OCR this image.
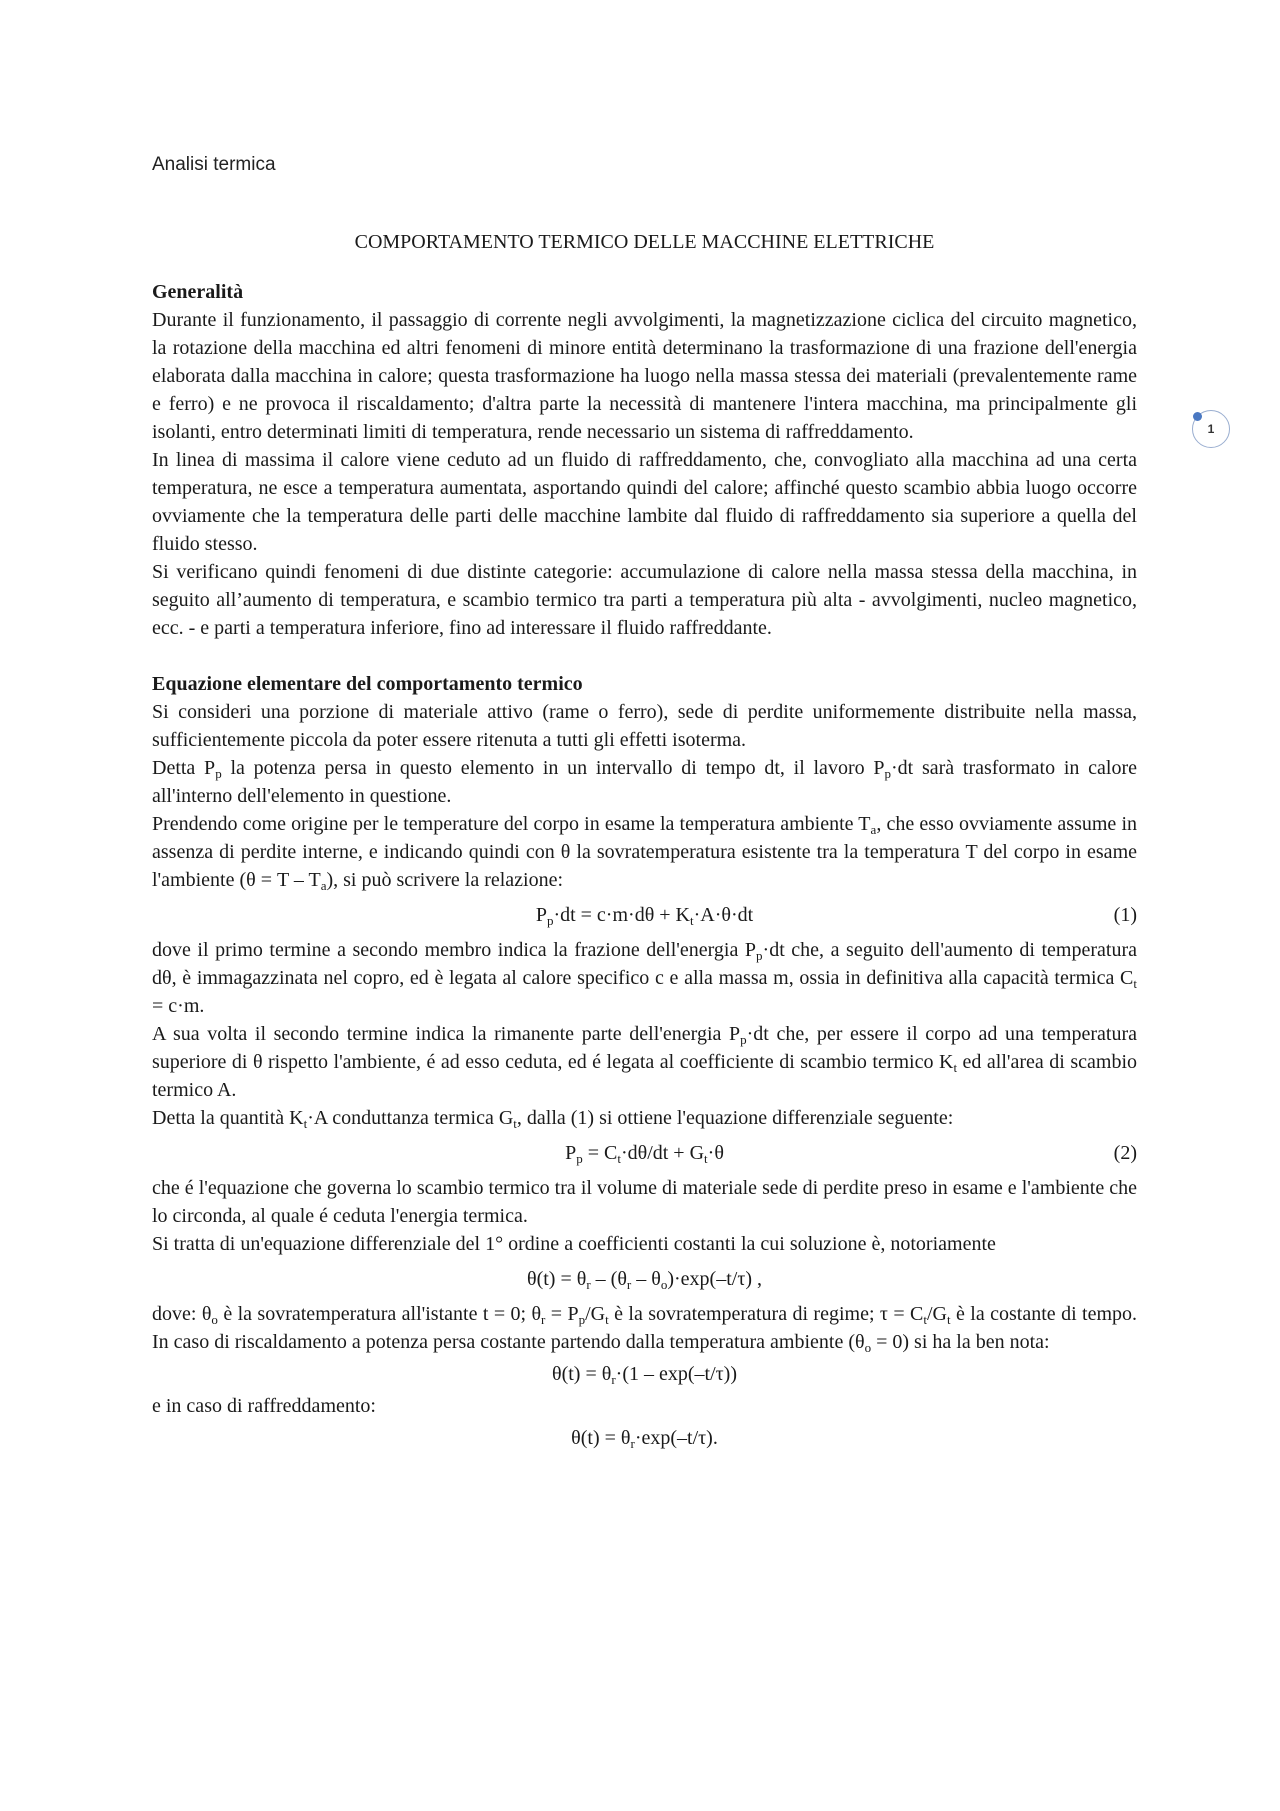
Analisi termica
1

COMPORTAMENTO TERMICO DELLE MACCHINE ELETTRICHE

Generalità

Durante il funzionamento, il passaggio di corrente negli avvolgimenti, la magnetizzazione ciclica del circuito magnetico, la rotazione della macchina ed altri fenomeni di minore entità determinano la trasformazione di una frazione dell'energia elaborata dalla macchina in calore; questa trasformazione ha luogo nella massa stessa dei materiali (prevalentemente rame e ferro) e ne provoca il riscaldamento; d'altra parte la necessità di mantenere l'intera macchina, ma principalmente gli isolanti, entro determinati limiti di temperatura, rende necessario un sistema di raffreddamento.

In linea di massima il calore viene ceduto ad un fluido di raffreddamento, che, convogliato alla macchina ad una certa temperatura, ne esce a temperatura aumentata, asportando quindi del calore; affinché questo scambio abbia luogo occorre ovviamente che la temperatura delle parti delle macchine lambite dal fluido di raffreddamento sia superiore a quella del fluido stesso.

Si verificano quindi fenomeni di due distinte categorie: accumulazione di calore nella massa stessa della macchina, in seguito all’aumento di temperatura, e scambio termico tra parti a temperatura più alta - avvolgimenti, nucleo magnetico, ecc. - e parti a temperatura inferiore, fino ad interessare il fluido raffreddante.

Equazione elementare del comportamento termico

Si consideri una porzione di materiale attivo (rame o ferro), sede di perdite uniformemente distribuite nella massa, sufficientemente piccola da poter essere ritenuta a tutti gli effetti isoterma.

Detta $P_p$ la potenza persa in questo elemento in un intervallo di tempo dt, il lavoro $P_p\cdot dt$ sarà trasformato in calore all'interno dell'elemento in questione.

Prendendo come origine per le temperature del corpo in esame la temperatura ambiente $T_a$, che esso ovviamente assume in assenza di perdite interne, e indicando quindi con θ la sovratemperatura esistente tra la temperatura T del corpo in esame l'ambiente $(\theta = T - T_a)$, si può scrivere la relazione:

$P_p\cdot dt = c\cdot m\cdot d\theta + K_t\cdot A\cdot\theta\cdot dt$	(1)

dove il primo termine a secondo membro indica la frazione dell'energia $P_p\cdot dt$ che, a seguito dell'aumento di temperatura dθ, è immagazzinata nel copro, ed è legata al calore specifico c e alla massa m, ossia in definitiva alla capacità termica $C_t = c\cdot m$.

A sua volta il secondo termine indica la rimanente parte dell'energia $P_p\cdot dt$ che, per essere il corpo ad una temperatura superiore di θ rispetto l'ambiente, é ad esso ceduta, ed é legata al coefficiente di scambio termico $K_t$ ed all'area di scambio termico A.

Detta la quantità $K_t\cdot A$ conduttanza termica $G_t$, dalla (1) si ottiene l'equazione differenziale seguente:

$P_p = C_t\cdot d\theta/dt + G_t\cdot\theta$	(2)

che é l'equazione che governa lo scambio termico tra il volume di materiale sede di perdite preso in esame e l'ambiente che lo circonda, al quale é ceduta l'energia termica.

Si tratta di un'equazione differenziale del 1° ordine a coefficienti costanti la cui soluzione è, notoriamente

$\theta(t) = \theta_r - (\theta_r - \theta_o)\cdot\exp(-t/\tau)$ ,

dove: $\theta_o$ è la sovratemperatura all'istante t = 0; $\theta_r = P_p/G_t$ è la sovratemperatura di regime; $\tau = C_t/G_t$ è la costante di tempo. In caso di riscaldamento a potenza persa costante partendo dalla temperatura ambiente $(\theta_o = 0)$ si ha la ben nota:

$\theta(t) = \theta_r\cdot(1 - \exp(-t/\tau))$

e in caso di raffreddamento:

$\theta(t) = \theta_r\cdot\exp(-t/\tau)$.
